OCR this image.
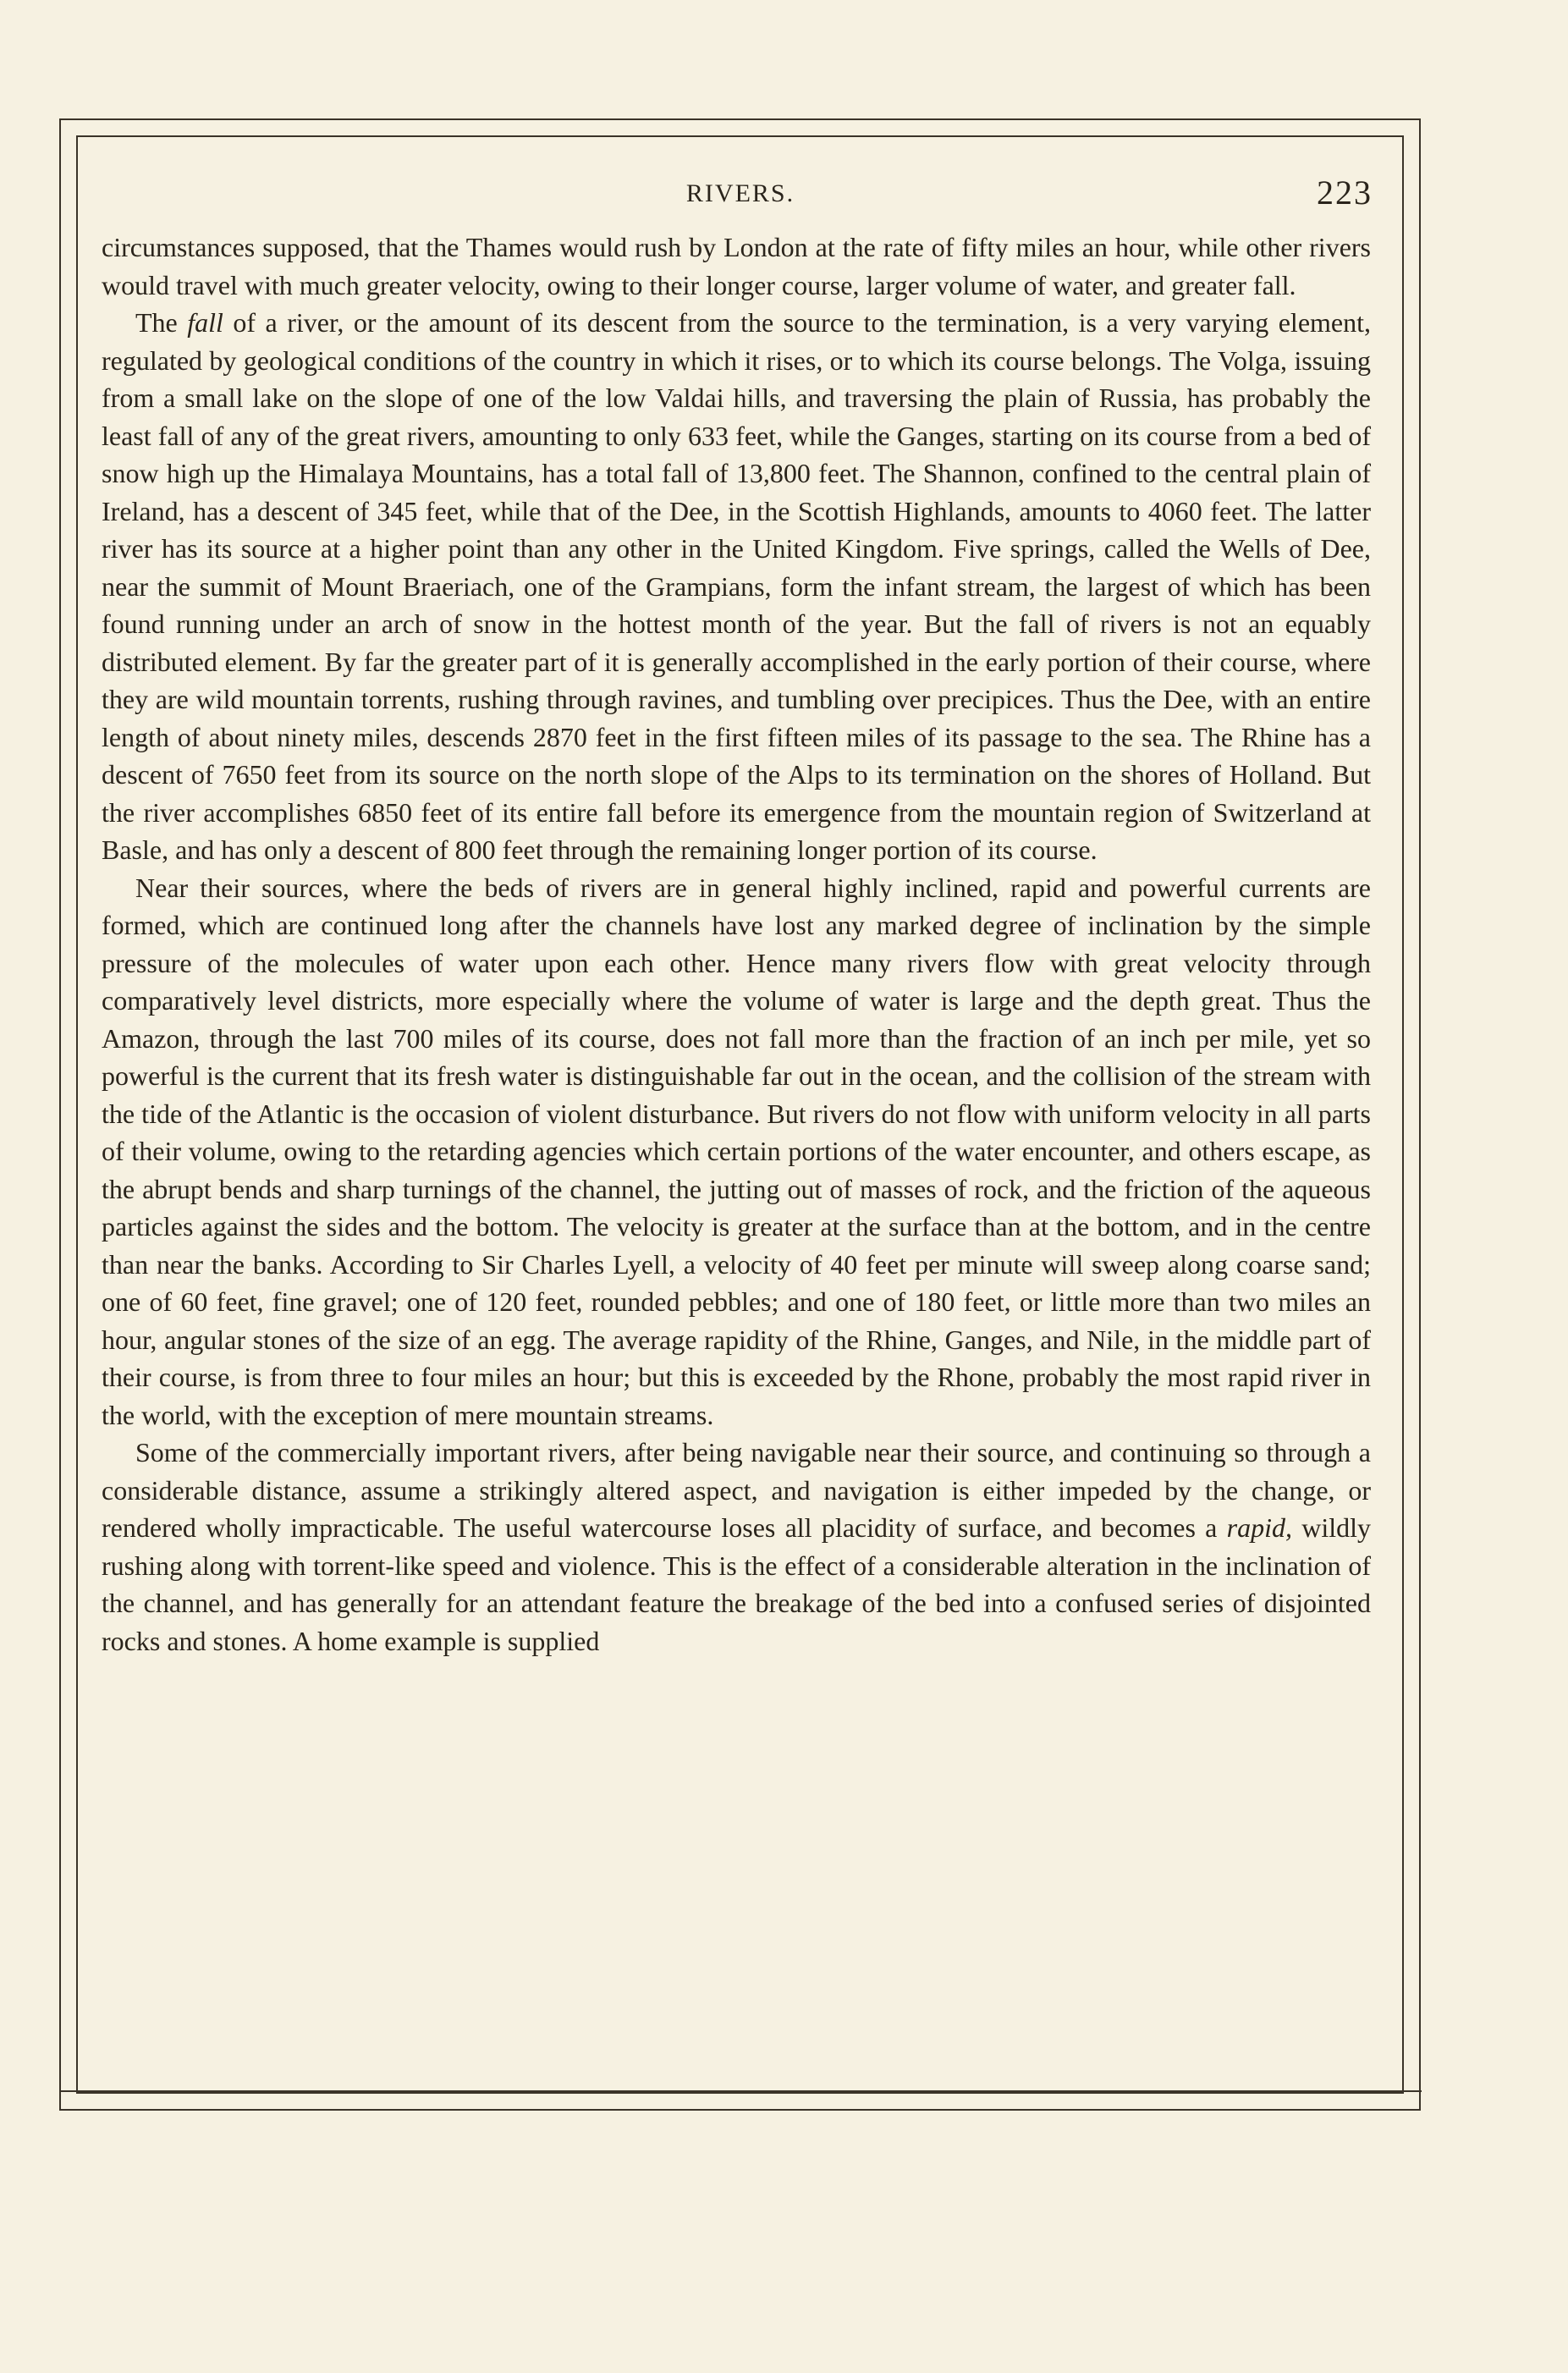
RIVERS.	223

circumstances supposed, that the Thames would rush by London at the rate of fifty miles an hour, while other rivers would travel with much greater velocity, owing to their longer course, larger volume of water, and greater fall.

The fall of a river, or the amount of its descent from the source to the termination, is a very varying element, regulated by geological conditions of the country in which it rises, or to which its course belongs. The Volga, issuing from a small lake on the slope of one of the low Valdai hills, and traversing the plain of Russia, has probably the least fall of any of the great rivers, amounting to only 633 feet, while the Ganges, starting on its course from a bed of snow high up the Himalaya Mountains, has a total fall of 13,800 feet. The Shannon, confined to the central plain of Ireland, has a descent of 345 feet, while that of the Dee, in the Scottish Highlands, amounts to 4060 feet. The latter river has its source at a higher point than any other in the United Kingdom. Five springs, called the Wells of Dee, near the summit of Mount Braeriach, one of the Grampians, form the infant stream, the largest of which has been found running under an arch of snow in the hottest month of the year. But the fall of rivers is not an equably distributed element. By far the greater part of it is generally accomplished in the early portion of their course, where they are wild mountain torrents, rushing through ravines, and tumbling over precipices. Thus the Dee, with an entire length of about ninety miles, descends 2870 feet in the first fifteen miles of its passage to the sea. The Rhine has a descent of 7650 feet from its source on the north slope of the Alps to its termination on the shores of Holland. But the river accomplishes 6850 feet of its entire fall before its emergence from the mountain region of Switzerland at Basle, and has only a descent of 800 feet through the remaining longer portion of its course.

Near their sources, where the beds of rivers are in general highly inclined, rapid and powerful currents are formed, which are continued long after the channels have lost any marked degree of inclination by the simple pressure of the molecules of water upon each other. Hence many rivers flow with great velocity through comparatively level districts, more especially where the volume of water is large and the depth great. Thus the Amazon, through the last 700 miles of its course, does not fall more than the fraction of an inch per mile, yet so powerful is the current that its fresh water is distinguishable far out in the ocean, and the collision of the stream with the tide of the Atlantic is the occasion of violent disturbance. But rivers do not flow with uniform velocity in all parts of their volume, owing to the retarding agencies which certain portions of the water encounter, and others escape, as the abrupt bends and sharp turnings of the channel, the jutting out of masses of rock, and the friction of the aqueous particles against the sides and the bottom. The velocity is greater at the surface than at the bottom, and in the centre than near the banks. According to Sir Charles Lyell, a velocity of 40 feet per minute will sweep along coarse sand; one of 60 feet, fine gravel; one of 120 feet, rounded pebbles; and one of 180 feet, or little more than two miles an hour, angular stones of the size of an egg. The average rapidity of the Rhine, Ganges, and Nile, in the middle part of their course, is from three to four miles an hour; but this is exceeded by the Rhone, probably the most rapid river in the world, with the exception of mere mountain streams.

Some of the commercially important rivers, after being navigable near their source, and continuing so through a considerable distance, assume a strikingly altered aspect, and navigation is either impeded by the change, or rendered wholly impracticable. The useful watercourse loses all placidity of surface, and becomes a rapid, wildly rushing along with torrent-like speed and violence. This is the effect of a considerable alteration in the inclination of the channel, and has generally for an attendant feature the breakage of the bed into a confused series of disjointed rocks and stones. A home example is supplied
